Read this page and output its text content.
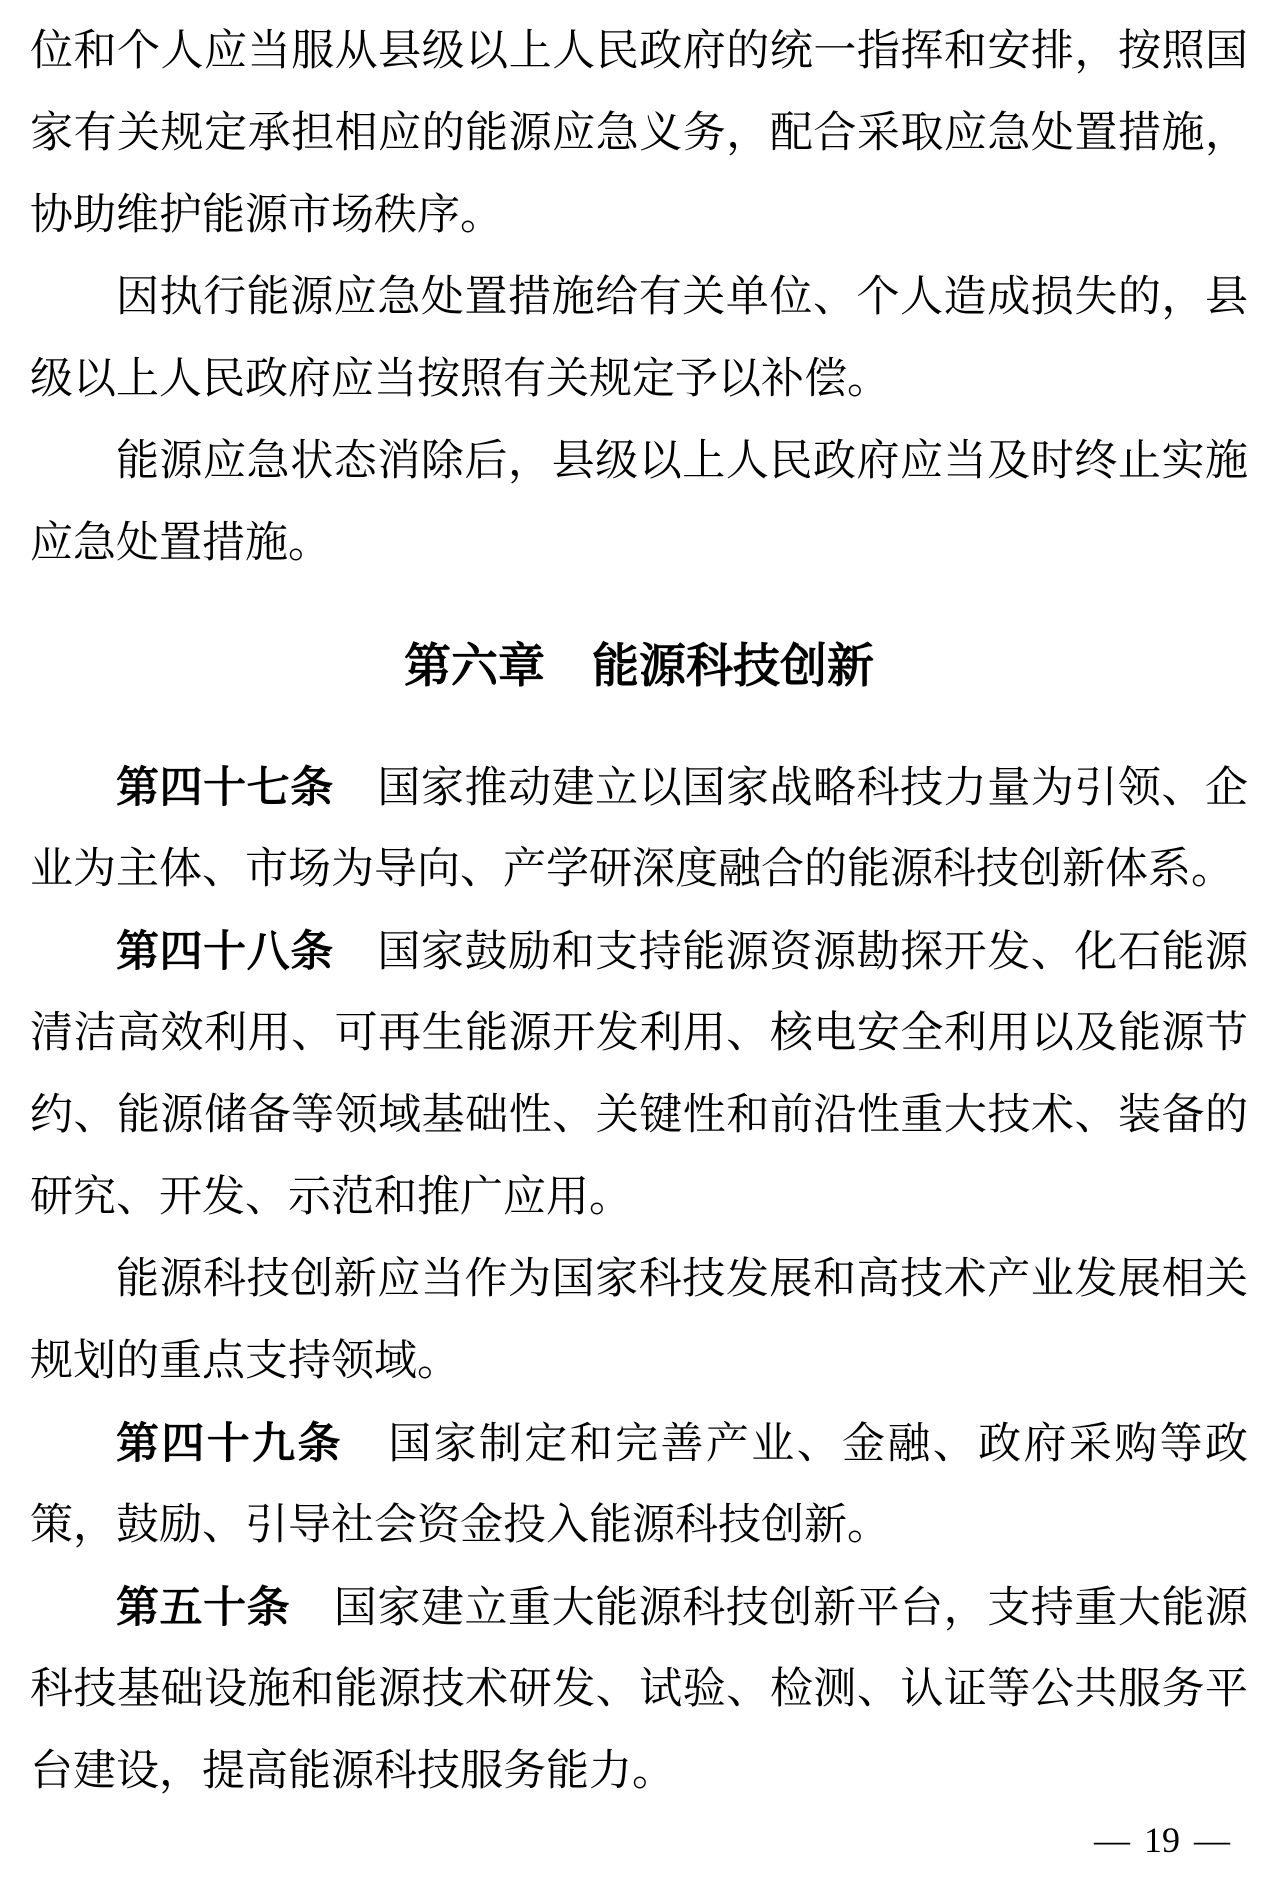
位和个人应当服从县级以上人民政府的统一指挥和安排，按照国
家有关规定承担相应的能源应急义务，配合采取应急处置措施，
协助维护能源市场秩序。
因执行能源应急处置措施给有关单位、个人造成损失的，县
级以上人民政府应当按照有关规定予以补偿。
能源应急状态消除后，县级以上人民政府应当及时终止实施
应急处置措施。
第六章　能源科技创新
第四十七条　国家推动建立以国家战略科技力量为引领、企
业为主体、市场为导向、产学研深度融合的能源科技创新体系。
第四十八条　国家鼓励和支持能源资源勘探开发、化石能源
清洁高效利用、可再生能源开发利用、核电安全利用以及能源节
约、能源储备等领域基础性、关键性和前沿性重大技术、装备的
研究、开发、示范和推广应用。
能源科技创新应当作为国家科技发展和高技术产业发展相关
规划的重点支持领域。
第四十九条　国家制定和完善产业、金融、政府采购等政
策，鼓励、引导社会资金投入能源科技创新。
第五十条　国家建立重大能源科技创新平台，支持重大能源
科技基础设施和能源技术研发、试验、检测、认证等公共服务平
台建设，提高能源科技服务能力。
— 19 —
